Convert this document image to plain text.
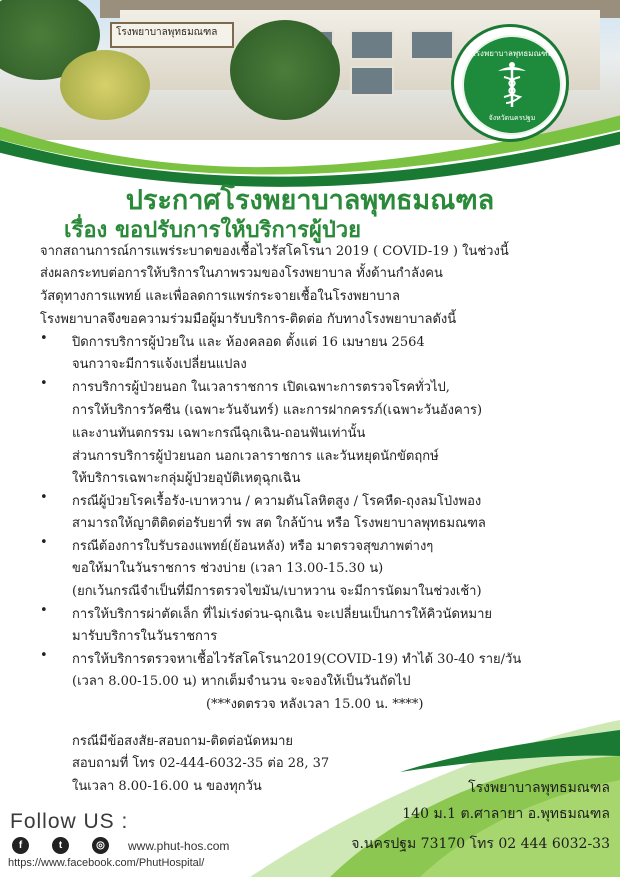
โรงพยาบาลพุทธมณฑล
โรงพยาบาลพุทธมณฑล
จังหวัดนครปฐม
ประกาศโรงพยาบาลพุทธมณฑล
เรื่อง ขอปรับการให้บริการผู้ป่วย
จากสถานการณ์การแพร่ระบาดของเชื้อไวรัสโคโรนา 2019 ( COVID-19 ) ในช่วงนี้
ส่งผลกระทบต่อการให้บริการในภาพรวมของโรงพยาบาล ทั้งด้านกำลังคน
วัสดุทางการแพทย์ และเพื่อลดการแพร่กระจายเชื้อในโรงพยาบาล
โรงพยาบาลจึงขอความร่วมมือผู้มารับบริการ-ติดต่อ กับทางโรงพยาบาลดังนี้
• ปิดการบริการผู้ป่วยใน และ ห้องคลอด ตั้งแต่ 16 เมษายน 2564
จนกวาจะมีการแจ้งเปลี่ยนแปลง
• การบริการผู้ป่วยนอก ในเวลาราชการ เปิดเฉพาะการตรวจโรคทั่วไป,
การให้บริการวัคซีน (เฉพาะวันจันทร์) และการฝากครรภ์(เฉพาะวันอังคาร)
และงานทันตกรรม เฉพาะกรณีฉุกเฉิน-ถอนฟันเท่านั้น
ส่วนการบริการผู้ป่วยนอก นอกเวลาราชการ และวันหยุดนักขัตฤกษ์
ให้บริการเฉพาะกลุ่มผู้ป่วยอุบัติเหตุฉุกเฉิน
• กรณีผู้ป่วยโรคเรื้อรัง-เบาหวาน / ความดันโลหิตสูง / โรคหืด-ถุงลมโป่งพอง
สามารถให้ญาติติดต่อรับยาที่ รพ สต ใกล้บ้าน หรือ โรงพยาบาลพุทธมณฑล
• กรณีต้องการใบรับรองแพทย์(ย้อนหลัง) หรือ มาตรวจสุขภาพต่างๆ
ขอให้มาในวันราชการ ช่วงบ่าย (เวลา 13.00-15.30 น)
(ยกเว้นกรณีจำเป็นที่มีการตรวจไขมัน/เบาหวาน จะมีการนัดมาในช่วงเช้า)
• การให้บริการผ่าตัดเล็ก ที่ไม่เร่งด่วน-ฉุกเฉิน จะเปลี่ยนเป็นการให้คิวนัดหมาย
มารับบริการในวันราชการ
• การให้บริการตรวจหาเชื้อไวรัสโคโรนา2019(COVID-19) ทำได้ 30-40 ราย/วัน
(เวลา 8.00-15.00 น) หากเต็มจำนวน จะจองให้เป็นวันถัดไป
(***งดตรวจ หลังเวลา 15.00 น. ****)
กรณีมีข้อสงสัย-สอบถาม-ติดต่อนัดหมาย
สอบถามที่ โทร 02-444-6032-35 ต่อ 28, 37
ในเวลา 8.00-16.00 น ของทุกวัน	โรงพยาบาลพุทธมณฑล
140 ม.1 ต.ศาลายา อ.พุทธมณฑล
จ.นครปฐม 73170 โทร 02 444 6032-33
Follow US :
f	t	◎	www.phut-hos.com
https://www.facebook.com/PhutHospital/
